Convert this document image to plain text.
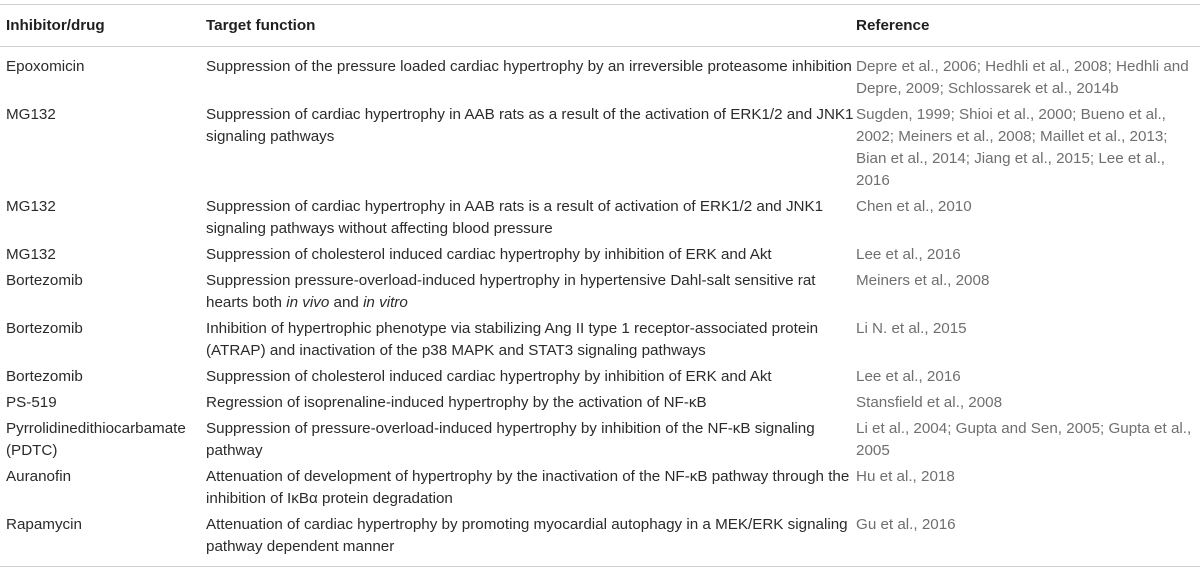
Inhibitor/drug	Target function	Reference
Epoxomicin	Suppression of the pressure loaded cardiac hypertrophy by an irreversible proteasome inhibition	Depre et al., 2006; Hedhli et al., 2008; Hedhli and Depre, 2009; Schlossarek et al., 2014b
MG132	Suppression of cardiac hypertrophy in AAB rats as a result of the activation of ERK1/2 and JNK1 signaling pathways	Sugden, 1999; Shioi et al., 2000; Bueno et al., 2002; Meiners et al., 2008; Maillet et al., 2013; Bian et al., 2014; Jiang et al., 2015; Lee et al., 2016
MG132	Suppression of cardiac hypertrophy in AAB rats is a result of activation of ERK1/2 and JNK1 signaling pathways without affecting blood pressure	Chen et al., 2010
MG132	Suppression of cholesterol induced cardiac hypertrophy by inhibition of ERK and Akt	Lee et al., 2016
Bortezomib	Suppression pressure-overload-induced hypertrophy in hypertensive Dahl-salt sensitive rat hearts both in vivo and in vitro	Meiners et al., 2008
Bortezomib	Inhibition of hypertrophic phenotype via stabilizing Ang II type 1 receptor-associated protein (ATRAP) and inactivation of the p38 MAPK and STAT3 signaling pathways	Li N. et al., 2015
Bortezomib	Suppression of cholesterol induced cardiac hypertrophy by inhibition of ERK and Akt	Lee et al., 2016
PS-519	Regression of isoprenaline-induced hypertrophy by the activation of NF-κB	Stansfield et al., 2008
Pyrrolidinedithiocarbamate (PDTC)	Suppression of pressure-overload-induced hypertrophy by inhibition of the NF-κB signaling pathway	Li et al., 2004; Gupta and Sen, 2005; Gupta et al., 2005
Auranofin	Attenuation of development of hypertrophy by the inactivation of the NF-κB pathway through the inhibition of IκBα protein degradation	Hu et al., 2018
Rapamycin	Attenuation of cardiac hypertrophy by promoting myocardial autophagy in a MEK/ERK signaling pathway dependent manner	Gu et al., 2016
